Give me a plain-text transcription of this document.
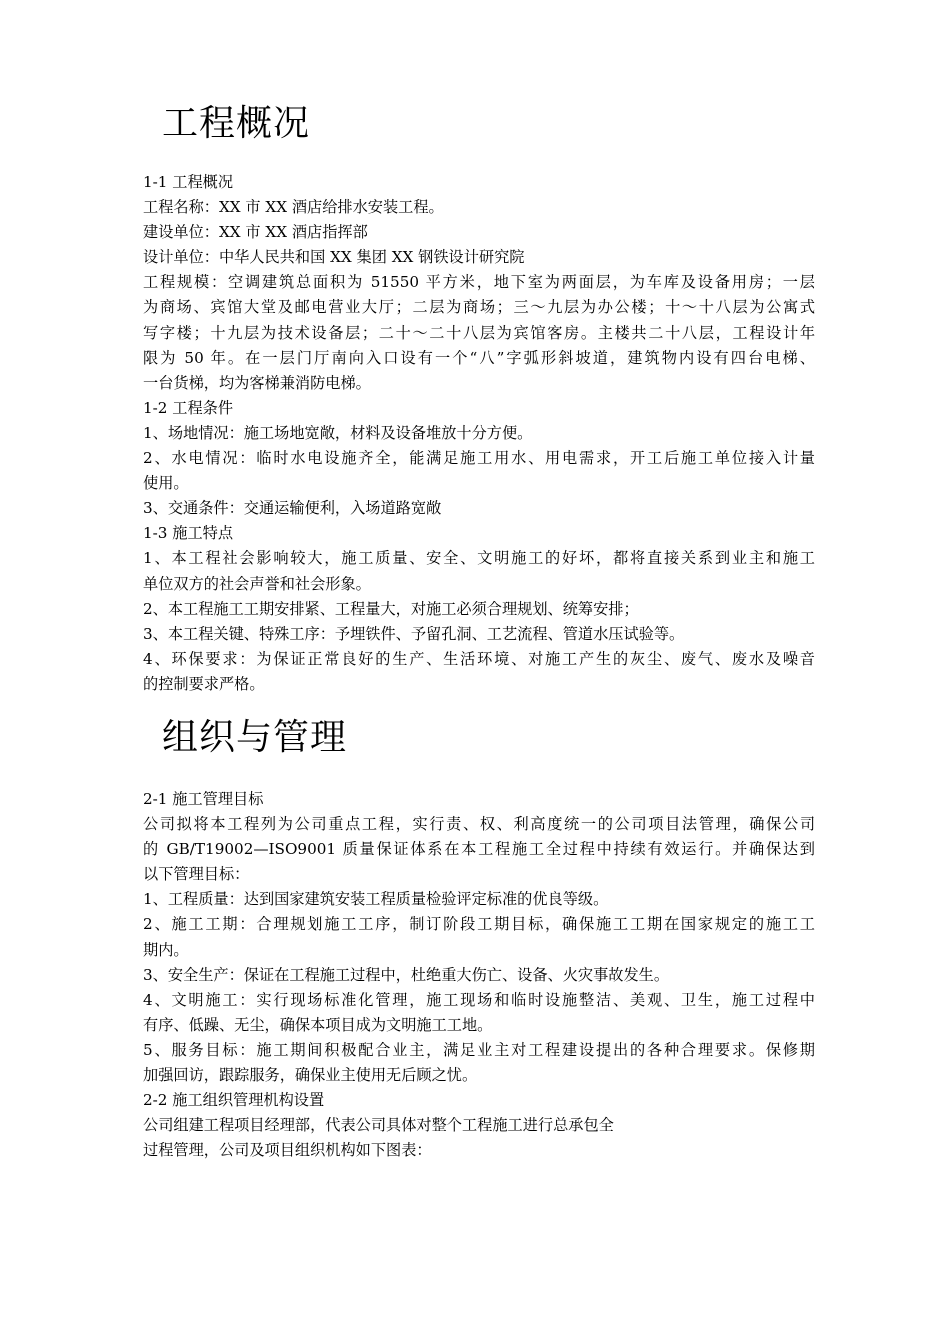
工程概况
1-1 工程概况
工程名称：XX 市 XX 酒店给排水安装工程。
建设单位：XX 市 XX 酒店指挥部
设计单位：中华人民共和国 XX 集团 XX 钢铁设计研究院
工程规模：空调建筑总面积为 51550 平方米，地下室为两面层，为车库及设备用房；一层
为商场、宾馆大堂及邮电营业大厅；二层为商场；三～九层为办公楼；十～十八层为公寓式
写字楼；十九层为技术设备层；二十～二十八层为宾馆客房。主楼共二十八层，工程设计年
限为 50 年。在一层门厅南向入口设有一个“八”字弧形斜坡道，建筑物内设有四台电梯、
一台货梯，均为客梯兼消防电梯。
1-2 工程条件
1、场地情况：施工场地宽敞，材料及设备堆放十分方便。
2、水电情况：临时水电设施齐全，能满足施工用水、用电需求，开工后施工单位接入计量
使用。
3、交通条件：交通运输便利，入场道路宽敞
1-3 施工特点
1、本工程社会影响较大，施工质量、安全、文明施工的好坏，都将直接关系到业主和施工
单位双方的社会声誉和社会形象。
2、本工程施工工期安排紧、工程量大，对施工必须合理规划、统筹安排；
3、本工程关键、特殊工序：予埋铁件、予留孔洞、工艺流程、管道水压试验等。
4、环保要求：为保证正常良好的生产、生活环境、对施工产生的灰尘、废气、废水及噪音
的控制要求严格。
组织与管理
2-1 施工管理目标
公司拟将本工程列为公司重点工程，实行责、权、利高度统一的公司项目法管理，确保公司
的 GB/T19002—ISO9001 质量保证体系在本工程施工全过程中持续有效运行。并确保达到
以下管理目标：
1、工程质量：达到国家建筑安装工程质量检验评定标准的优良等级。
2、施工工期：合理规划施工工序，制订阶段工期目标，确保施工工期在国家规定的施工工
期内。
3、安全生产：保证在工程施工过程中，杜绝重大伤亡、设备、火灾事故发生。
4、文明施工：实行现场标准化管理，施工现场和临时设施整洁、美观、卫生，施工过程中
有序、低躁、无尘，确保本项目成为文明施工工地。
5、服务目标：施工期间积极配合业主，满足业主对工程建设提出的各种合理要求。保修期
加强回访，跟踪服务，确保业主使用无后顾之忧。
2-2 施工组织管理机构设置
公司组建工程项目经理部，代表公司具体对整个工程施工进行总承包全
过程管理，公司及项目组织机构如下图表：
